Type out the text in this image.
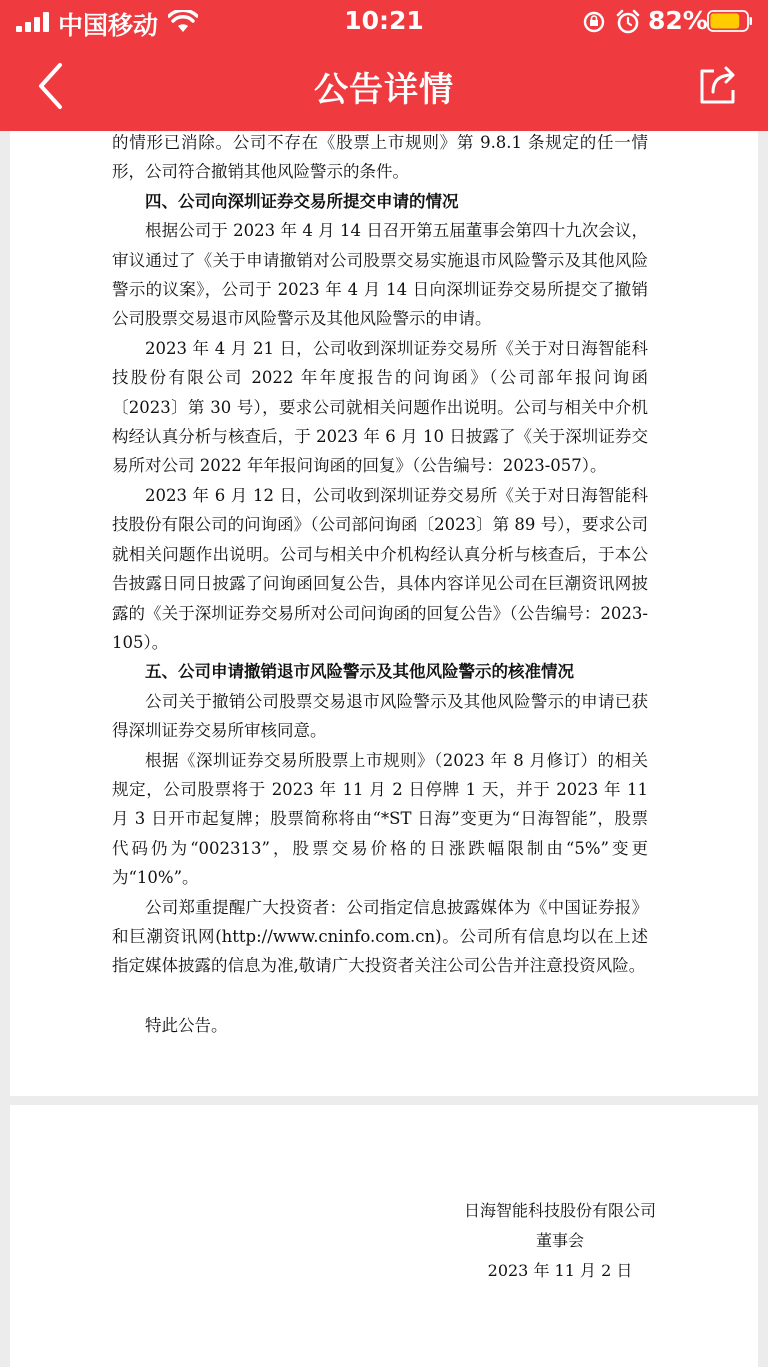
中国移动	10:21	82%
公告详情

的情形已消除。公司不存在《股票上市规则》第 9.8.1 条规定的任一情形，公司符合撤销其他风险警示的条件。

四、公司向深圳证券交易所提交申请的情况

根据公司于 2023 年 4 月 14 日召开第五届董事会第四十九次会议，审议通过了《关于申请撤销对公司股票交易实施退市风险警示及其他风险警示的议案》，公司于 2023 年 4 月 14 日向深圳证券交易所提交了撤销公司股票交易退市风险警示及其他风险警示的申请。

2023 年 4 月 21 日，公司收到深圳证券交易所《关于对日海智能科技股份有限公司 2022 年年度报告的问询函》（公司部年报问询函〔2023〕第 30 号），要求公司就相关问题作出说明。公司与相关中介机构经认真分析与核查后，于 2023 年 6 月 10 日披露了《关于深圳证券交易所对公司 2022 年年报问询函的回复》（公告编号：2023-057）。

2023 年 6 月 12 日，公司收到深圳证券交易所《关于对日海智能科技股份有限公司的问询函》（公司部问询函〔2023〕第 89 号），要求公司就相关问题作出说明。公司与相关中介机构经认真分析与核查后，于本公告披露日同日披露了问询函回复公告，具体内容详见公司在巨潮资讯网披露的《关于深圳证券交易所对公司问询函的回复公告》（公告编号：2023-105）。

五、公司申请撤销退市风险警示及其他风险警示的核准情况

公司关于撤销公司股票交易退市风险警示及其他风险警示的申请已获得深圳证券交易所审核同意。

根据《深圳证券交易所股票上市规则》（2023 年 8 月修订）的相关规定，公司股票将于 2023 年 11 月 2 日停牌 1 天，并于 2023 年 11 月 3 日开市起复牌；股票简称将由“*ST 日海”变更为“日海智能”，股票代码仍为“002313”，股票交易价格的日涨跌幅限制由“5%”变更为“10%”。

公司郑重提醒广大投资者：公司指定信息披露媒体为《中国证券报》和巨潮资讯网(http://www.cninfo.com.cn)。公司所有信息均以在上述指定媒体披露的信息为准,敬请广大投资者关注公司公告并注意投资风险。

特此公告。

日海智能科技股份有限公司
董事会
2023 年 11 月 2 日
